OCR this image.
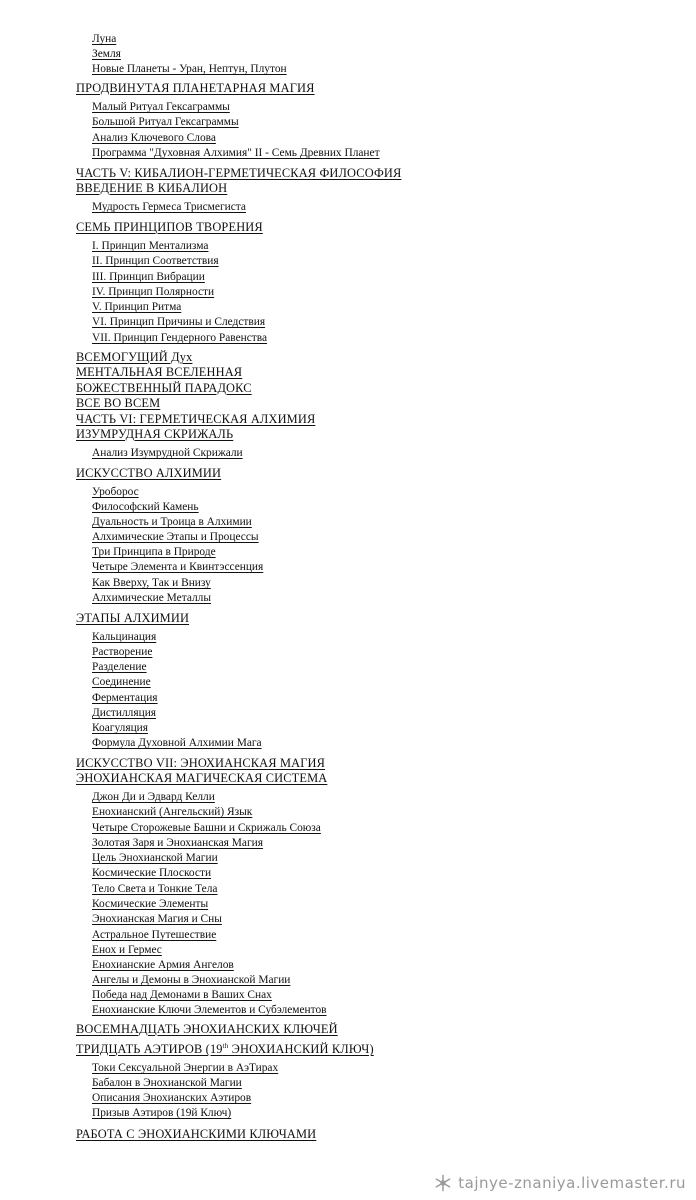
Луна
Земля
Новые Планеты - Уран, Нептун, Плутон
ПРОДВИНУТАЯ ПЛАНЕТАРНАЯ МАГИЯ
Малый Ритуал Гексаграммы
Большой Ритуал Гексаграммы
Анализ Ключевого Слова
Программа "Духовная Алхимия" II - Семь Древних Планет
ЧАСТЬ V: КИБАЛИОН-ГЕРМЕТИЧЕСКАЯ ФИЛОСОФИЯ
ВВЕДЕНИЕ В КИБАЛИОН
Мудрость Гермеса Трисмегиста
СЕМЬ ПРИНЦИПОВ ТВОРЕНИЯ
I. Принцип Ментализма
II. Принцип Соответствия
III. Принцип Вибрации
IV. Принцип Полярности
V. Принцип Ритма
VI. Принцип Причины и Следствия
VII. Принцип Гендерного Равенства
ВСЕМОГУЩИЙ Дух
МЕНТАЛЬНАЯ ВСЕЛЕННАЯ
БОЖЕСТВЕННЫЙ ПАРАДОКС
ВСЕ ВО ВСЕМ
ЧАСТЬ VI: ГЕРМЕТИЧЕСКАЯ АЛХИМИЯ
ИЗУМРУДНАЯ СКРИЖАЛЬ
Анализ Изумрудной Скрижали
ИСКУССТВО АЛХИМИИ
Уроборос
Философский Камень
Дуальность и Троица в Алхимии
Алхимические Этапы и Процессы
Три Принципа в Природе
Четыре Элемента и Квинтэссенция
Как Вверху, Так и Внизу
Алхимические Металлы
ЭТАПЫ АЛХИМИИ
Кальцинация
Растворение
Разделение
Соединение
Ферментация
Дистилляция
Коагуляция
Формула Духовной Алхимии Мага
ИСКУССТВО VII: ЭНОХИАНСКАЯ МАГИЯ
ЭНОХИАНСКАЯ МАГИЧЕСКАЯ СИСТЕМА
Джон Ди и Эдвард Келли
Енохианский (Ангельский) Язык
Четыре Сторожевые Башни и Скрижаль Союза
Золотая Заря и Энохианская Магия
Цель Энохианской Магии
Космические Плоскости
Тело Света и Тонкие Тела
Космические Элементы
Энохианская Магия и Сны
Астральное Путешествие
Енох и Гермес
Енохианские Армия Ангелов
Ангелы и Демоны в Энохианской Магии
Победа над Демонами в Ваших Снах
Енохианские Ключи Элементов и Субэлементов
ВОСЕМНАДЦАТЬ ЭНОХИАНСКИХ КЛЮЧЕЙ
ТРИДЦАТЬ АЭТИРОВ (19th ЭНОХИАНСКИЙ КЛЮЧ)
Токи Сексуальной Энергии в АэТирах
Бабалон в Энохианской Магии
Описания Энохианских Аэтиров
Призыв Аэтиров (19й Ключ)
РАБОТА С ЭНОХИАНСКИМИ КЛЮЧАМИ
tajnye-znaniya.livemaster.ru
